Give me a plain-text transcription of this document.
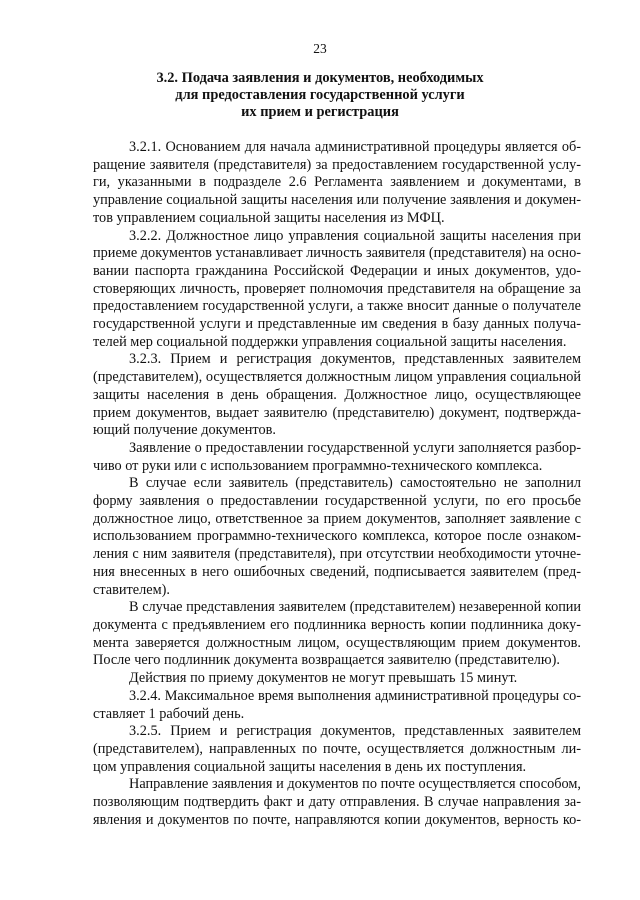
23
3.2. Подача заявления и документов, необходимых
для предоставления государственной услуги
их прием и регистрация

3.2.1. Основанием для начала административной процедуры является об-
ращение заявителя (представителя) за предоставлением государственной услу-
ги, указанными в подразделе 2.6 Регламента заявлением и документами, в
управление социальной защиты населения или получение заявления и докумен-
тов управлением социальной защиты населения из МФЦ.

3.2.2. Должностное лицо управления социальной защиты населения при
приеме документов устанавливает личность заявителя (представителя) на осно-
вании паспорта гражданина Российской Федерации и иных документов, удо-
стоверяющих личность, проверяет полномочия представителя на обращение за
предоставлением государственной услуги, а также вносит данные о получателе
государственной услуги и представленные им сведения в базу данных получа-
телей мер социальной поддержки управления социальной защиты населения.

3.2.3. Прием и регистрация документов, представленных заявителем
(представителем), осуществляется должностным лицом управления социальной
защиты населения в день обращения. Должностное лицо, осуществляющее
прием документов, выдает заявителю (представителю) документ, подтвержда-
ющий получение документов.

Заявление о предоставлении государственной услуги заполняется разбор-
чиво от руки или с использованием программно-технического комплекса.

В случае если заявитель (представитель) самостоятельно не заполнил
форму заявления о предоставлении государственной услуги, по его просьбе
должностное лицо, ответственное за прием документов, заполняет заявление с
использованием программно-технического комплекса, которое после ознаком-
ления с ним заявителя (представителя), при отсутствии необходимости уточне-
ния внесенных в него ошибочных сведений, подписывается заявителем (пред-
ставителем).

В случае представления заявителем (представителем) незаверенной копии
документа с предъявлением его подлинника верность копии подлинника доку-
мента заверяется должностным лицом, осуществляющим прием документов.
После чего подлинник документа возвращается заявителю (представителю).

Действия по приему документов не могут превышать 15 минут.

3.2.4. Максимальное время выполнения административной процедуры со-
ставляет 1 рабочий день.

3.2.5. Прием и регистрация документов, представленных заявителем
(представителем), направленных по почте, осуществляется должностным ли-
цом управления социальной защиты населения в день их поступления.

Направление заявления и документов по почте осуществляется способом,
позволяющим подтвердить факт и дату отправления. В случае направления за-
явления и документов по почте, направляются копии документов, верность ко-
